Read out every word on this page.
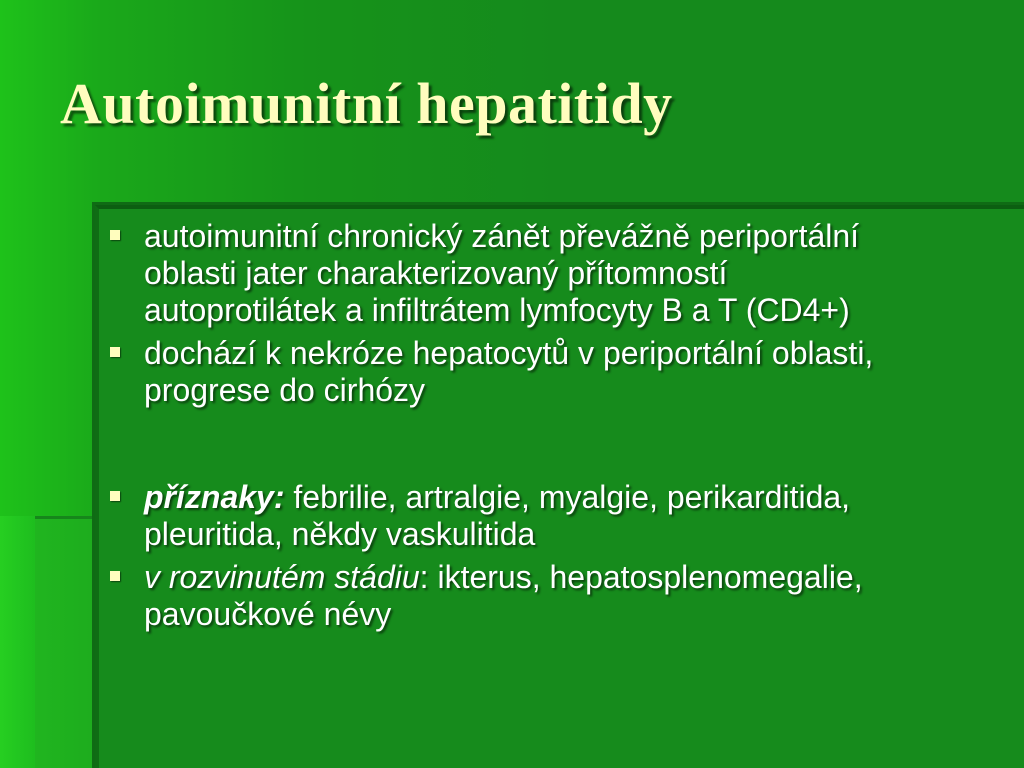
Autoimunitní hepatitidy
autoimunitní chronický zánět převážně periportální oblasti jater charakterizovaný přítomností autoprotilátek a infiltrátem lymfocyty B a T (CD4+)
dochází k nekróze hepatocytů v periportální oblasti, progrese do cirhózy
příznaky: febrilie, artralgie, myalgie, perikarditida, pleuritida, někdy vaskulitida
v rozvinutém stádiu: ikterus, hepatosplenomegalie, pavoučkové névy
